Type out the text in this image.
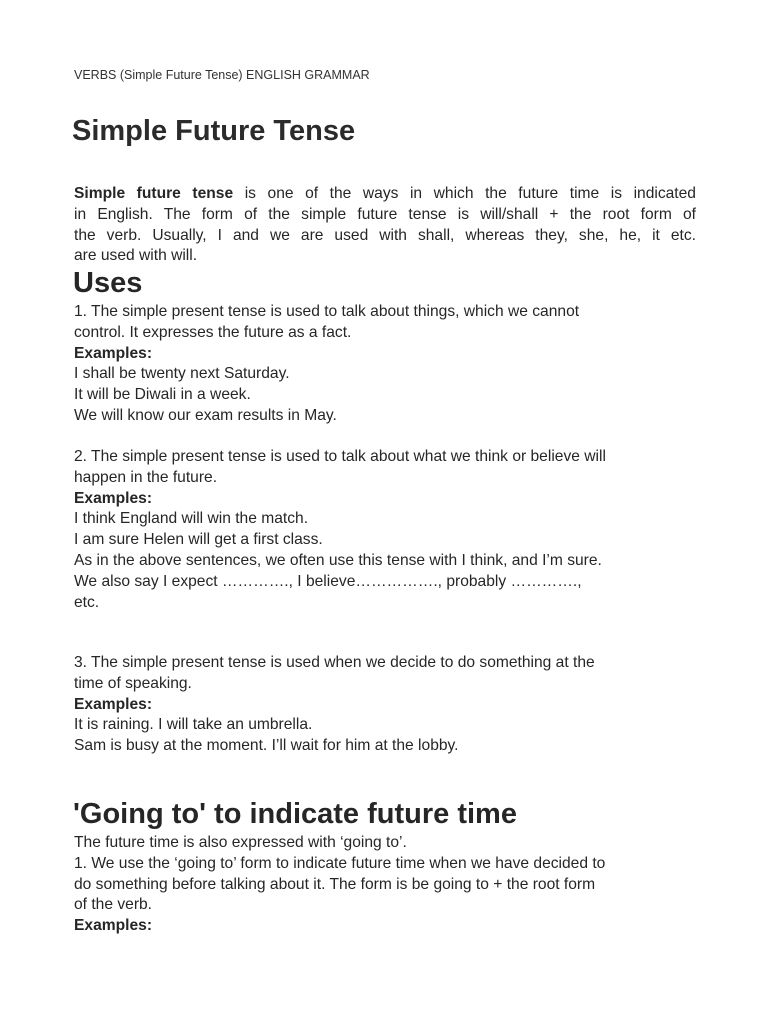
VERBS (Simple Future Tense) ENGLISH GRAMMAR
Simple Future Tense
Simple future tense is one of the ways in which the future time is indicated
in English. The form of the simple future tense is will/shall + the root form of
the verb. Usually, I and we are used with shall, whereas they, she, he, it etc.
are used with will.
Uses
1. The simple present tense is used to talk about things, which we cannot
control. It expresses the future as a fact.
Examples:
I shall be twenty next Saturday.
It will be Diwali in a week.
We will know our exam results in May.
2. The simple present tense is used to talk about what we think or believe will
happen in the future.
Examples:
I think England will win the match.
I am sure Helen will get a first class.
As in the above sentences, we often use this tense with I think, and I’m sure.
We also say I expect …………., I believe……………., probably ………….,
etc.
3. The simple present tense is used when we decide to do something at the
time of speaking.
Examples:
It is raining. I will take an umbrella.
Sam is busy at the moment. I’ll wait for him at the lobby.
'Going to' to indicate future time
The future time is also expressed with ‘going to’.
1. We use the ‘going to’ form to indicate future time when we have decided to
do something before talking about it. The form is be going to + the root form
of the verb.
Examples:
